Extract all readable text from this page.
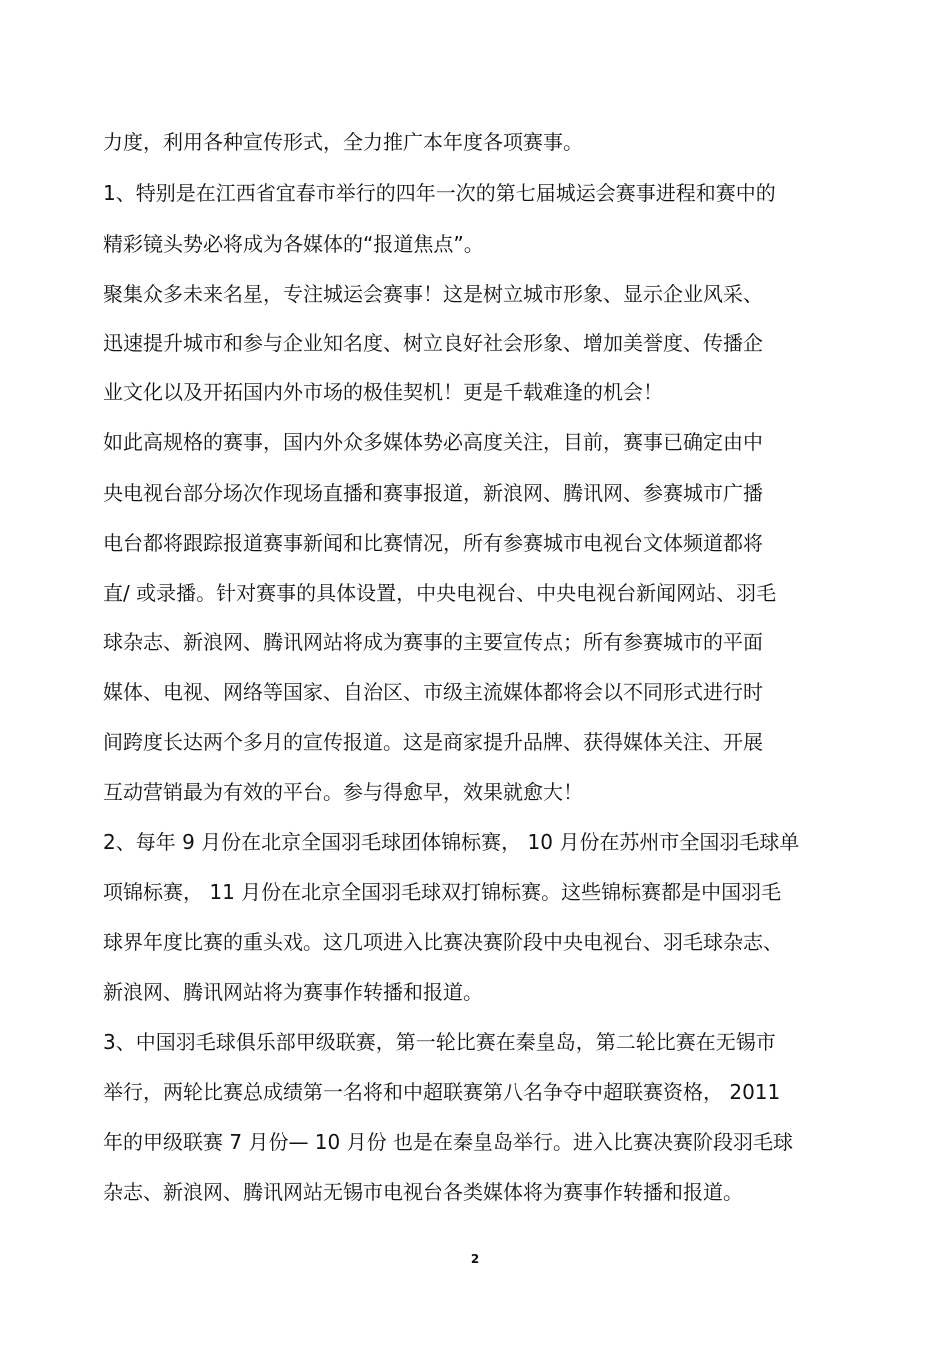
力度，利用各种宣传形式，全力推广本年度各项赛事。
1、特别是在江西省宜春市举行的四年一次的第七届城运会赛事进程和赛中的
精彩镜头势必将成为各媒体的“报道焦点”。
聚集众多未来名星，专注城运会赛事！这是树立城市形象、显示企业风采、
迅速提升城市和参与企业知名度、树立良好社会形象、增加美誉度、传播企
业文化以及开拓国内外市场的极佳契机！更是千载难逢的机会！
如此高规格的赛事，国内外众多媒体势必高度关注，目前，赛事已确定由中
央电视台部分场次作现场直播和赛事报道，新浪网、腾讯网、参赛城市广播
电台都将跟踪报道赛事新闻和比赛情况，所有参赛城市电视台文体频道都将
直/ 或录播。针对赛事的具体设置，中央电视台、中央电视台新闻网站、羽毛
球杂志、新浪网、腾讯网站将成为赛事的主要宣传点；所有参赛城市的平面
媒体、电视、网络等国家、自治区、市级主流媒体都将会以不同形式进行时
间跨度长达两个多月的宣传报道。这是商家提升品牌、获得媒体关注、开展
互动营销最为有效的平台。参与得愈早，效果就愈大！
2、每年 9 月份在北京全国羽毛球团体锦标赛， 10 月份在苏州市全国羽毛球单
项锦标赛， 11 月份在北京全国羽毛球双打锦标赛。这些锦标赛都是中国羽毛
球界年度比赛的重头戏。这几项进入比赛决赛阶段中央电视台、羽毛球杂志、
新浪网、腾讯网站将为赛事作转播和报道。
3、中国羽毛球俱乐部甲级联赛，第一轮比赛在秦皇岛，第二轮比赛在无锡市
举行，两轮比赛总成绩第一名将和中超联赛第八名争夺中超联赛资格， 2011
年的甲级联赛 7 月份— 10 月份 也是在秦皇岛举行。进入比赛决赛阶段羽毛球
杂志、新浪网、腾讯网站无锡市电视台各类媒体将为赛事作转播和报道。
2
